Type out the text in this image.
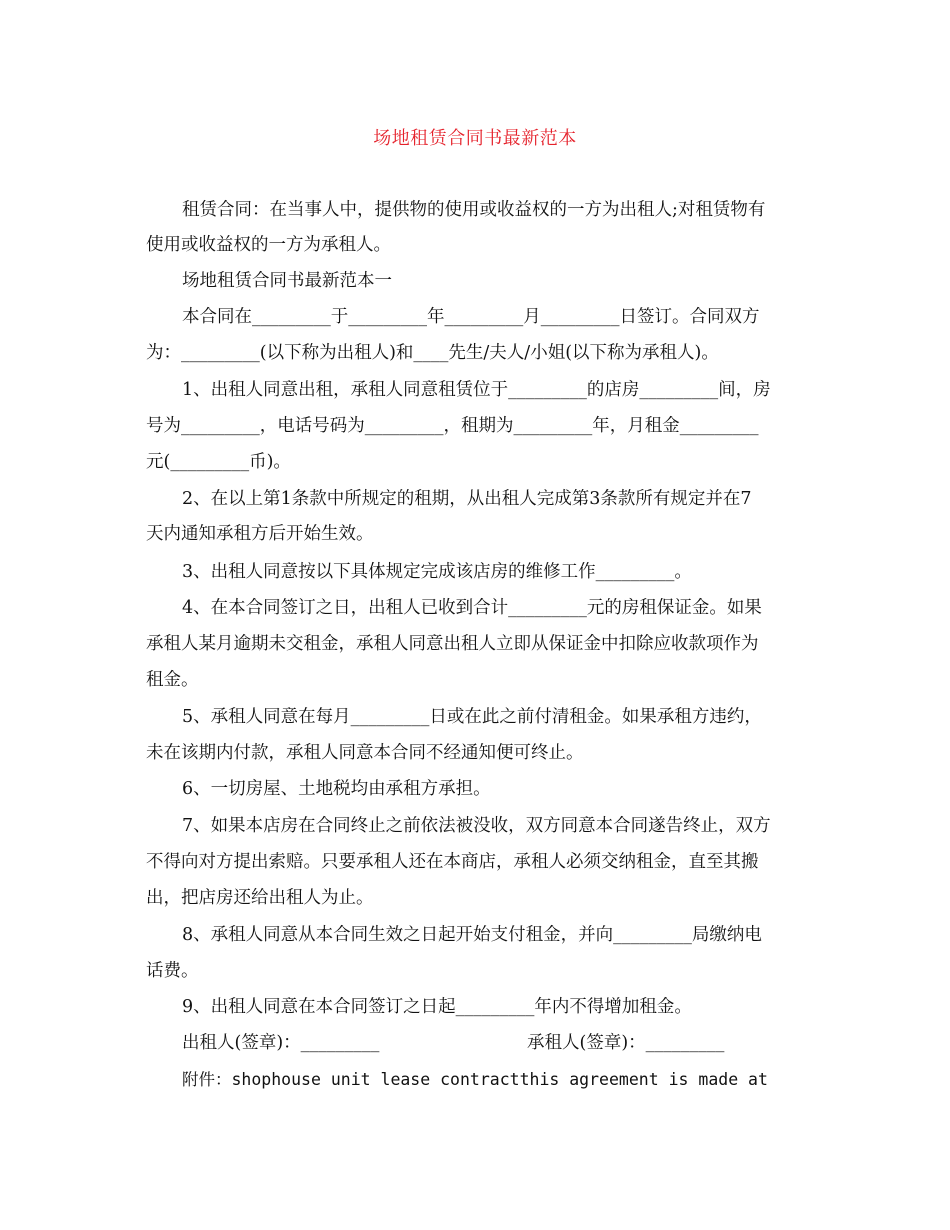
场地租赁合同书最新范本
租赁合同：在当事人中，提供物的使用或收益权的一方为出租人;对租赁物有
使用或收益权的一方为承租人。
场地租赁合同书最新范本一
本合同在_________于_________年_________月_________日签订。合同双方
为：_________(以下称为出租人)和____先生/夫人/小姐(以下称为承租人)。
1、出租人同意出租，承租人同意租赁位于_________的店房_________间，房
号为_________，电话号码为_________，租期为_________年，月租金_________
元(_________币)。
2、在以上第1条款中所规定的租期，从出租人完成第3条款所有规定并在7
天内通知承租方后开始生效。
3、出租人同意按以下具体规定完成该店房的维修工作_________。
4、在本合同签订之日，出租人已收到合计_________元的房租保证金。如果
承租人某月逾期未交租金，承租人同意出租人立即从保证金中扣除应收款项作为
租金。
5、承租人同意在每月_________日或在此之前付清租金。如果承租方违约，
未在该期内付款，承租人同意本合同不经通知便可终止。
6、一切房屋、土地税均由承租方承担。
7、如果本店房在合同终止之前依法被没收，双方同意本合同遂告终止，双方
不得向对方提出索赔。只要承租人还在本商店，承租人必须交纳租金，直至其搬
出，把店房还给出租人为止。
8、承租人同意从本合同生效之日起开始支付租金，并向_________局缴纳电
话费。
9、出租人同意在本合同签订之日起_________年内不得增加租金。
出租人(签章)：_________	承租人(签章)：_________
附件：shophouse unit lease contractthis agreement is made at
